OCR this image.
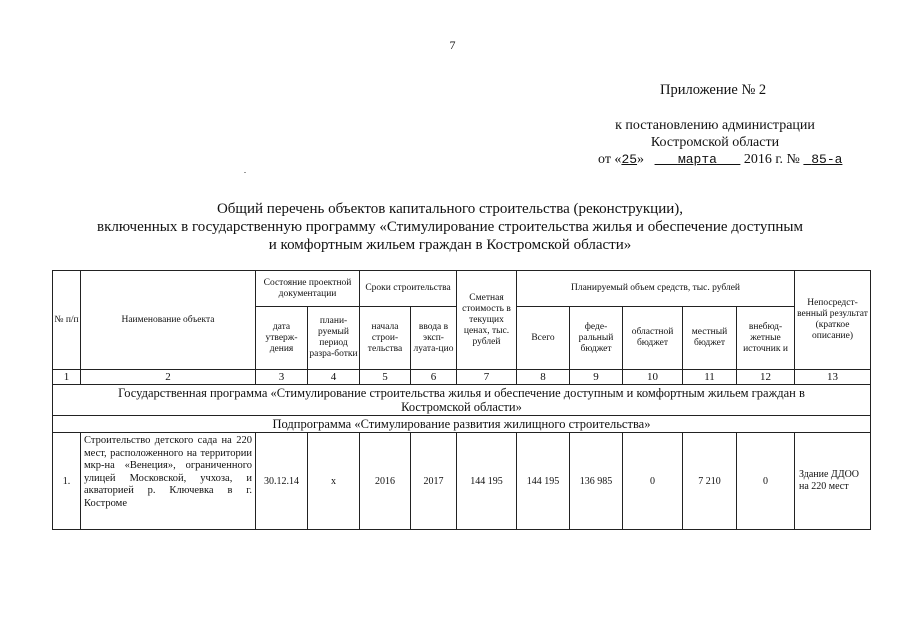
7
Приложение № 2
к постановлению администрации
Костромской области
от «25»	марта 2016 г. № 85-а
Общий перечень объектов капитального строительства (реконструкции),
включенных в государственную программу «Стимулирование строительства жилья и обеспечение доступным
и комфортным жильем граждан в Костромской области»
№ п/п	Наименование объекта	Состояние проектной документации		Сроки строительства		Сметная стоимость в текущих ценах, тыс. рублей	Планируемый объем средств, тыс. рублей					Непосредст-венный результат (краткое описание)
		дата утверж-дения	плани-руемый период разра-ботки	начала строи-тельства	ввода в эксп-луата-цио		Всего	феде-ральный бюджет	областной бюджет	местный бюджет	внебюд-жетные источник и	
1	2	3	4	5	6	7	8	9	10	11	12	13
Государственная программа «Стимулирование строительства жилья и обеспечение доступным и комфортным жильем граждан в Костромской области»												
Подпрограмма «Стимулирование развития жилищного строительства»												
1.	Строительство детского сада на 220 мест, расположенного на территории мкр-на «Венеция», ограниченного улицей Московской, учхоза, и акваторией р. Ключевка в г. Костроме	30.12.14	х	2016	2017	144 195	144 195	136 985	0	7 210	0	Здание ДДОО на 220 мест
